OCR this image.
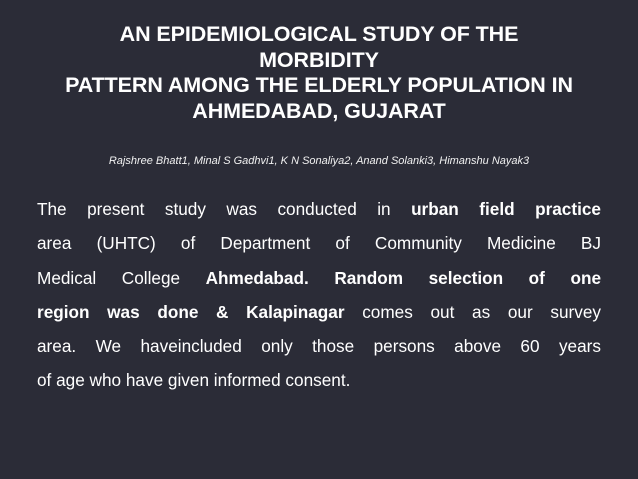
AN EPIDEMIOLOGICAL STUDY OF THE
MORBIDITY
PATTERN AMONG THE ELDERLY POPULATION IN
AHMEDABAD, GUJARAT
Rajshree Bhatt1, Minal S Gadhvi1, K N Sonaliya2, Anand Solanki3, Himanshu Nayak3
The present study was conducted in urban field practice
area (UHTC) of Department of Community Medicine BJ
Medical College Ahmedabad. Random selection of one
region was done & Kalapinagar comes out as our survey
area. We haveincluded only those persons above 60 years
of age who have given informed consent.
